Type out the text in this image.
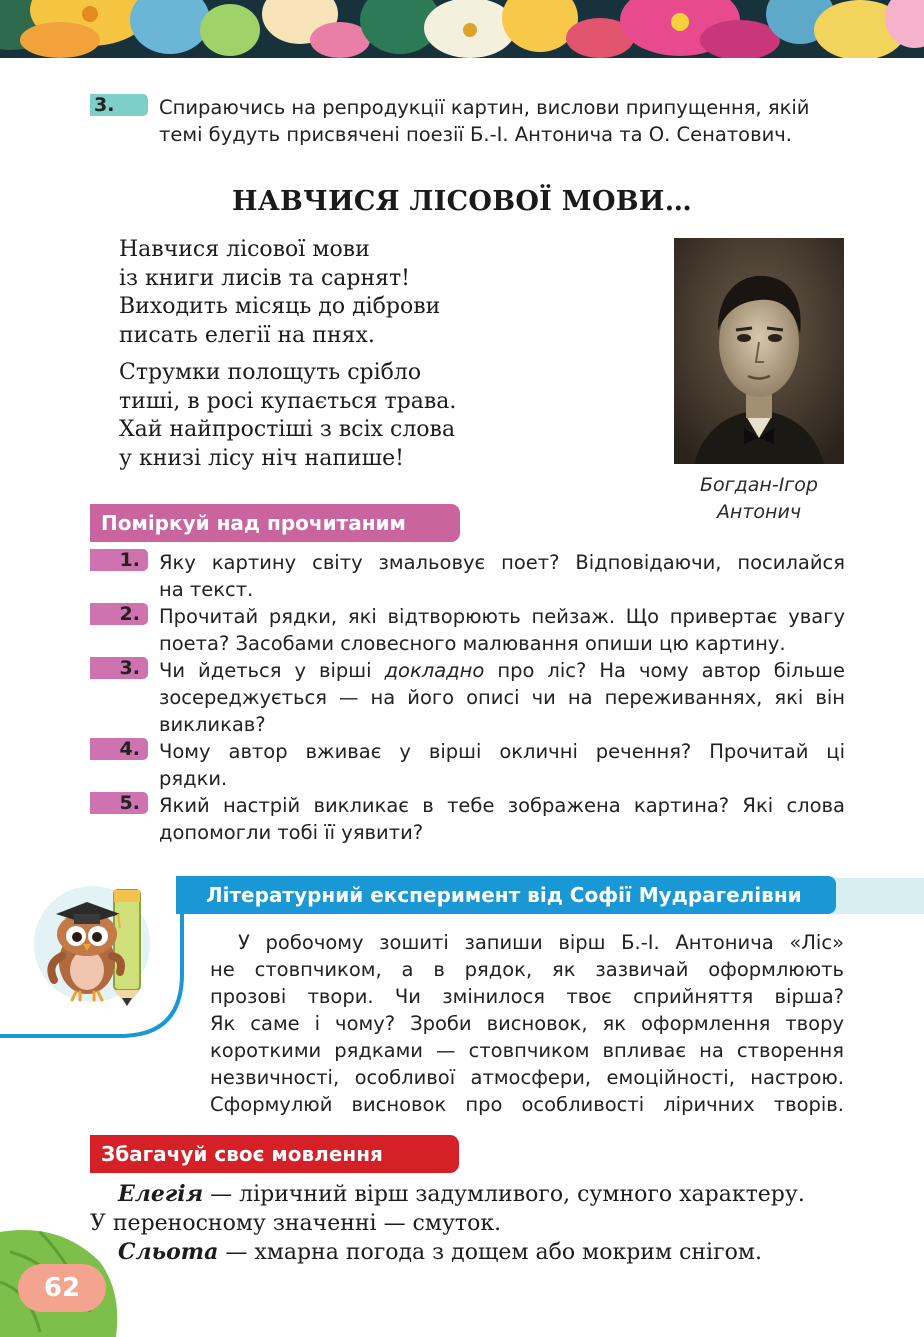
3.	Спираючись на репродукції картин, вислови припущення, якій
темі будуть присвячені поезії Б.-І. Антонича та О. Сенатович.
НАВЧИСЯ ЛІСОВОЇ МОВИ…
Навчися лісової мови
із книги лисів та сарнят!
Виходить місяць до діброви
писать елегії на пнях.
Струмки полощуть срібло
тиші, в росі купається трава.
Хай найпростіші з всіх слова
у книзі лісу ніч напише!
Богдан-Ігор
Антонич
Поміркуй над прочитаним
1. Яку картину світу змальовує поет? Відповідаючи, посилайся
на текст.
2. Прочитай рядки, які відтворюють пейзаж. Що привертає увагу
поета? Засобами словесного малювання опиши цю картину.
3. Чи йдеться у вірші докладно про ліс? На чому автор більше
зосереджується — на його описі чи на переживаннях, які він
викликав?
4. Чому автор вживає у вірші окличні речення? Прочитай ці
рядки.
5. Який настрій викликає в тебе зображена картина? Які слова
допомогли тобі її уявити?
Літературний експеримент від Софії Мудрагелівни
У робочому зошиті запиши вірш Б.-І. Антонича «Ліс»
не стовпчиком, а в рядок, як зазвичай оформлюють
прозові твори. Чи змінилося твоє сприйняття вірша?
Як саме і чому? Зроби висновок, як оформлення твору
короткими рядками — стовпчиком впливає на створення
незвичності, особливої атмосфери, емоційності, настрою.
Сформулюй висновок про особливості ліричних творів.
Збагачуй своє мовлення
Елегія — ліричний вірш задумливого, сумного характеру.
У переносному значенні — смуток.
Сльота — хмарна погода з дощем або мокрим снігом.
62
